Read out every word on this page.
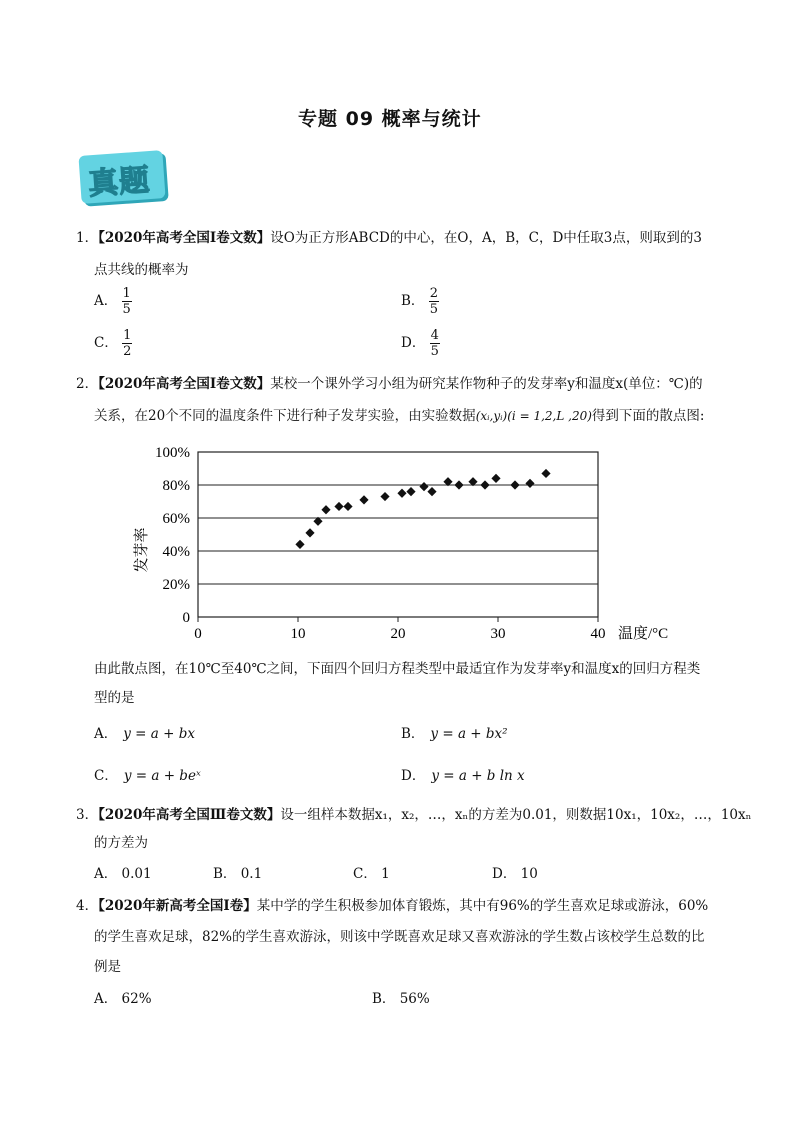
专题 09 概率与统计
真题
1．【2020年高考全国Ⅰ卷文数】设O为正方形ABCD的中心，在O，A，B，C，D中任取3点，则取到的3
点共线的概率为
A． $\frac{1}{5}$	B． $\frac{2}{5}$
C． $\frac{1}{2}$	D． $\frac{4}{5}$
2．【2020年高考全国Ⅰ卷文数】某校一个课外学习小组为研究某作物种子的发芽率y和温度x(单位：℃)的
关系，在20个不同的温度条件下进行种子发芽实验，由实验数据(xᵢ,yᵢ)(i = 1,2,L ,20)得到下面的散点图:
0
20%
40%
60%
80%
100%
0	10	20	30	40 温度/°C
发芽率
由此散点图，在10℃至40℃之间，下面四个回归方程类型中最适宜作为发芽率y和温度x的回归方程类
型的是
A． y = a + bx	B． y = a + bx²
C． y = a + beˣ	D． y = a + b ln x
3．【2020年高考全国Ⅲ卷文数】设一组样本数据x₁，x₂，…，xₙ的方差为0.01，则数据10x₁，10x₂，…，10xₙ
的方差为
A． 0.01	B． 0.1	C． 1	D． 10
4．【2020年新高考全国Ⅰ卷】某中学的学生积极参加体育锻炼，其中有96%的学生喜欢足球或游泳，60%
的学生喜欢足球，82%的学生喜欢游泳，则该中学既喜欢足球又喜欢游泳的学生数占该校学生总数的比
例是
A． 62%	B． 56%
